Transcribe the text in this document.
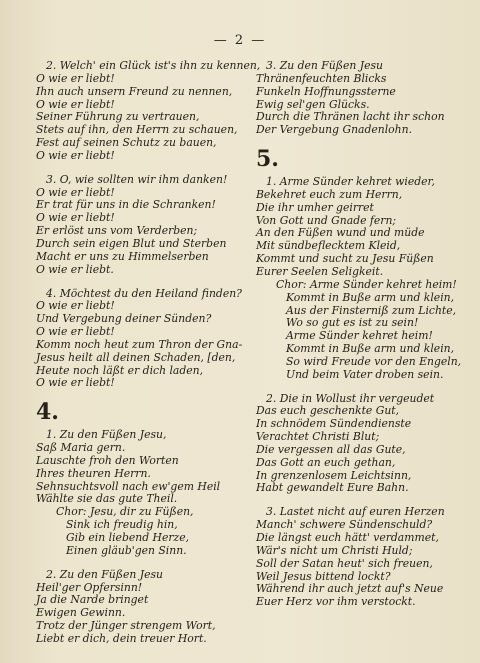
— 2 —
2. Welch' ein Glück ist's ihn zu kennen,
O wie er liebt!
Ihn auch unsern Freund zu nennen,
O wie er liebt!
Seiner Führung zu vertrauen,
Stets auf ihn, den Herrn zu schauen,
Fest auf seinen Schutz zu bauen,
O wie er liebt!
3. O, wie sollten wir ihm danken!
O wie er liebt!
Er trat für uns in die Schranken!
O wie er liebt!
Er erlöst uns vom Verderben;
Durch sein eigen Blut und Sterben
Macht er uns zu Himmelserben
O wie er liebt.
4. Möchtest du den Heiland finden?
O wie er liebt!
Und Vergebung deiner Sünden?
O wie er liebt!
Komm noch heut zum Thron der Gna-
Jesus heilt all deinen Schaden, [den,
Heute noch läßt er dich laden,
O wie er liebt!
4.
1. Zu den Füßen Jesu,
Saß Maria gern.
Lauschte froh den Worten
Ihres theuren Herrn.
Sehnsuchtsvoll nach ew'gem Heil
Wählte sie das gute Theil.
Chor: Jesu, dir zu Füßen,
Sink ich freudig hin,
Gib ein liebend Herze,
Einen gläub'gen Sinn.
2. Zu den Füßen Jesu
Heil'ger Opfersinn!
Ja die Narde bringet
Ewigen Gewinn.
Trotz der Jünger strengem Wort,
Liebt er dich, dein treuer Hort.
3. Zu den Füßen Jesu
Thränenfeuchten Blicks
Funkeln Hoffnungssterne
Ewig sel'gen Glücks.
Durch die Thränen lacht ihr schon
Der Vergebung Gnadenlohn.
5.
1. Arme Sünder kehret wieder,
Bekehret euch zum Herrn,
Die ihr umher geirret
Von Gott und Gnade fern;
An den Füßen wund und müde
Mit sündbeflecktem Kleid,
Kommt und sucht zu Jesu Füßen
Eurer Seelen Seligkeit.
Chor: Arme Sünder kehret heim!
Kommt in Buße arm und klein,
Aus der Finsterniß zum Lichte,
Wo so gut es ist zu sein!
Arme Sünder kehret heim!
Kommt in Buße arm und klein,
So wird Freude vor den Engeln,
Und beim Vater droben sein.
2. Die in Wollust ihr vergeudet
Das euch geschenkte Gut,
In schnödem Sündendienste
Verachtet Christi Blut;
Die vergessen all das Gute,
Das Gott an euch gethan,
In grenzenlosem Leichtsinn,
Habt gewandelt Eure Bahn.
3. Lastet nicht auf euren Herzen
Manch' schwere Sündenschuld?
Die längst euch hätt' verdammet,
Wär's nicht um Christi Huld;
Soll der Satan heut' sich freuen,
Weil Jesus bittend lockt?
Während ihr auch jetzt auf's Neue
Euer Herz vor ihm verstockt.
